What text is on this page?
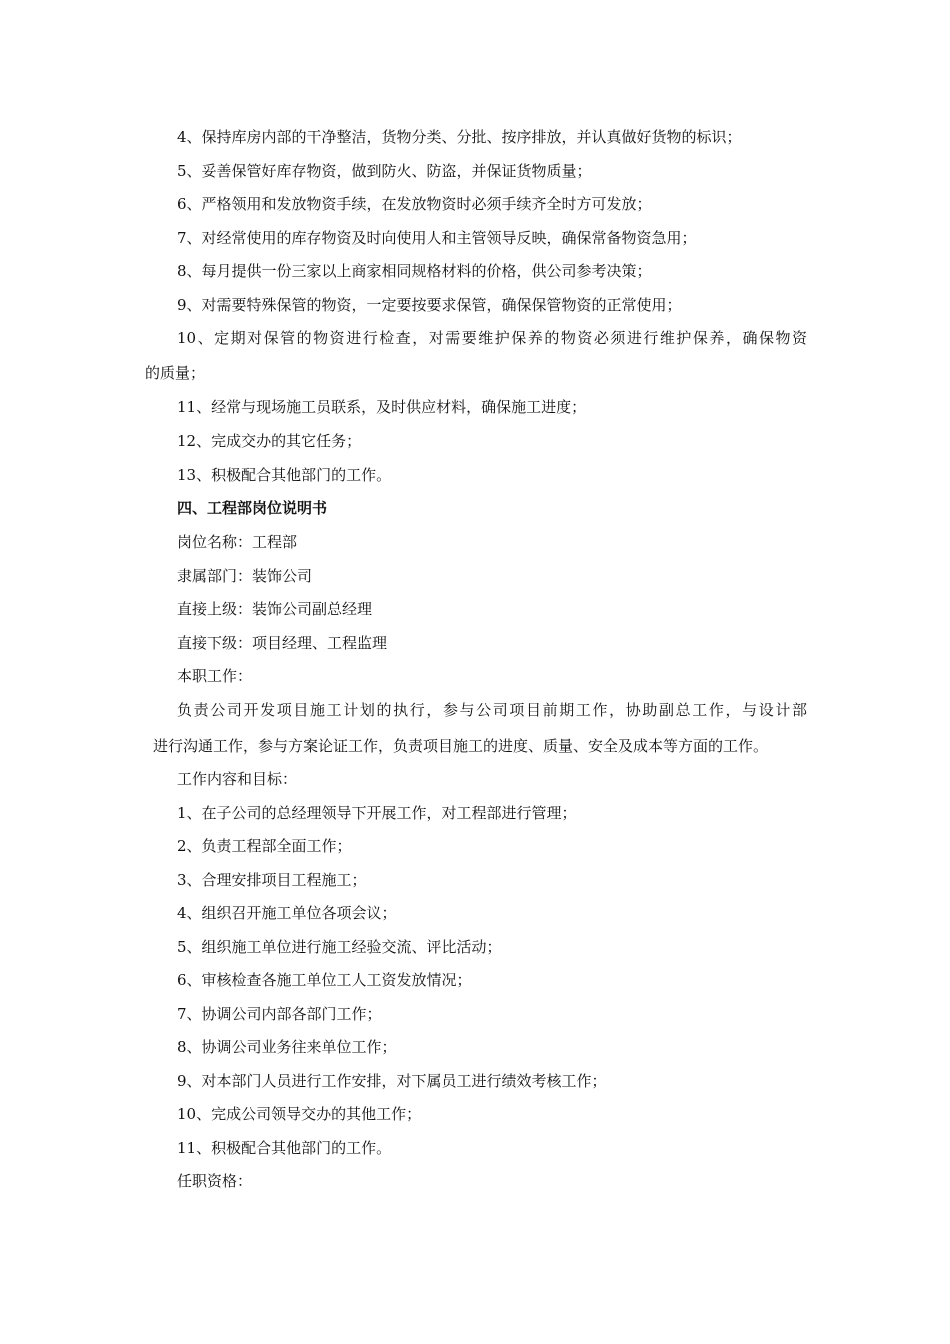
4、保持库房内部的干净整洁，货物分类、分批、按序排放，并认真做好货物的标识；
5、妥善保管好库存物资，做到防火、防盗，并保证货物质量；
6、严格领用和发放物资手续，在发放物资时必须手续齐全时方可发放；
7、对经常使用的库存物资及时向使用人和主管领导反映，确保常备物资急用；
8、每月提供一份三家以上商家相同规格材料的价格，供公司参考决策；
9、对需要特殊保管的物资，一定要按要求保管，确保保管物资的正常使用；
10、定期对保管的物资进行检查，对需要维护保养的物资必须进行维护保养，确保物资
的质量；
11、经常与现场施工员联系，及时供应材料，确保施工进度；
12、完成交办的其它任务；
13、积极配合其他部门的工作。
四、工程部岗位说明书
岗位名称：工程部
隶属部门：装饰公司
直接上级：装饰公司副总经理
直接下级：项目经理、工程监理
本职工作：
负责公司开发项目施工计划的执行，参与公司项目前期工作，协助副总工作，与设计部
进行沟通工作，参与方案论证工作，负责项目施工的进度、质量、安全及成本等方面的工作。
工作内容和目标：
1、在子公司的总经理领导下开展工作，对工程部进行管理；
2、负责工程部全面工作；
3、合理安排项目工程施工；
4、组织召开施工单位各项会议；
5、组织施工单位进行施工经验交流、评比活动；
6、审核检查各施工单位工人工资发放情况；
7、协调公司内部各部门工作；
8、协调公司业务往来单位工作；
9、对本部门人员进行工作安排，对下属员工进行绩效考核工作；
10、完成公司领导交办的其他工作；
11、积极配合其他部门的工作。
任职资格：
